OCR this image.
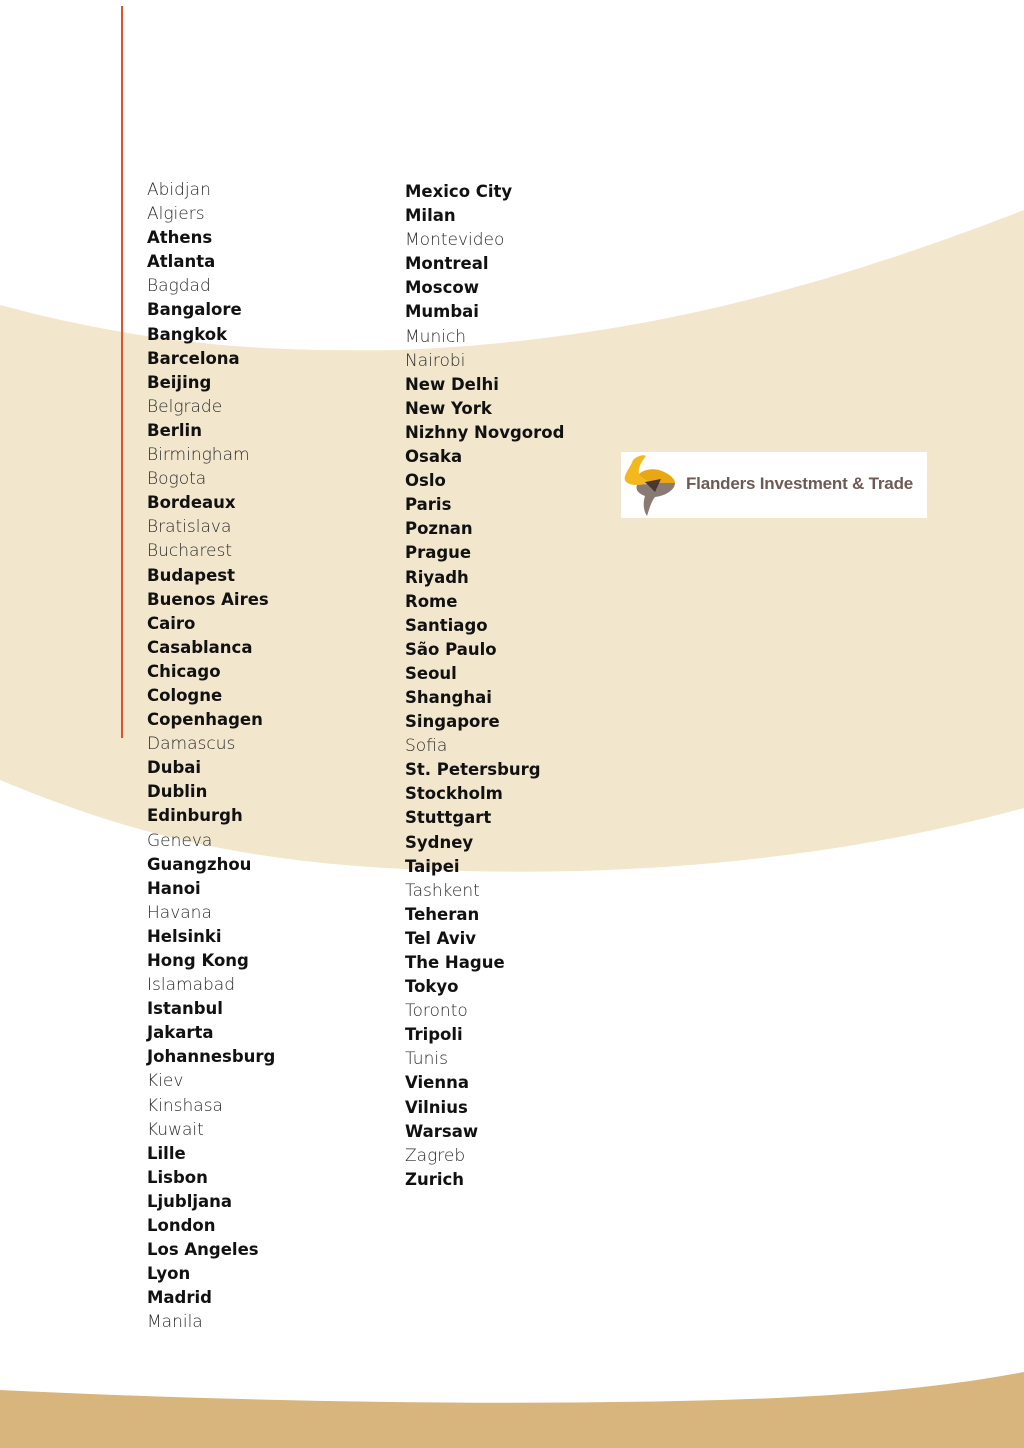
Abidjan
Algiers
Athens
Atlanta
Bagdad
Bangalore
Bangkok
Barcelona
Beijing
Belgrade
Berlin
Birmingham
Bogota
Bordeaux
Bratislava
Bucharest
Budapest
Buenos Aires
Cairo
Casablanca
Chicago
Cologne
Copenhagen
Damascus
Dubai
Dublin
Edinburgh
Geneva
Guangzhou
Hanoi
Havana
Helsinki
Hong Kong
Islamabad
Istanbul
Jakarta
Johannesburg
Kiev
Kinshasa
Kuwait
Lille
Lisbon
Ljubljana
London
Los Angeles
Lyon
Madrid
Manila
Mexico City
Milan
Montevideo
Montreal
Moscow
Mumbai
Munich
Nairobi
New Delhi
New York
Nizhny Novgorod
Osaka
Oslo
Paris
Poznan
Prague
Riyadh
Rome
Santiago
São Paulo
Seoul
Shanghai
Singapore
Sofia
St. Petersburg
Stockholm
Stuttgart
Sydney
Taipei
Tashkent
Teheran
Tel Aviv
The Hague
Tokyo
Toronto
Tripoli
Tunis
Vienna
Vilnius
Warsaw
Zagreb
Zurich
Flanders Investment & Trade
